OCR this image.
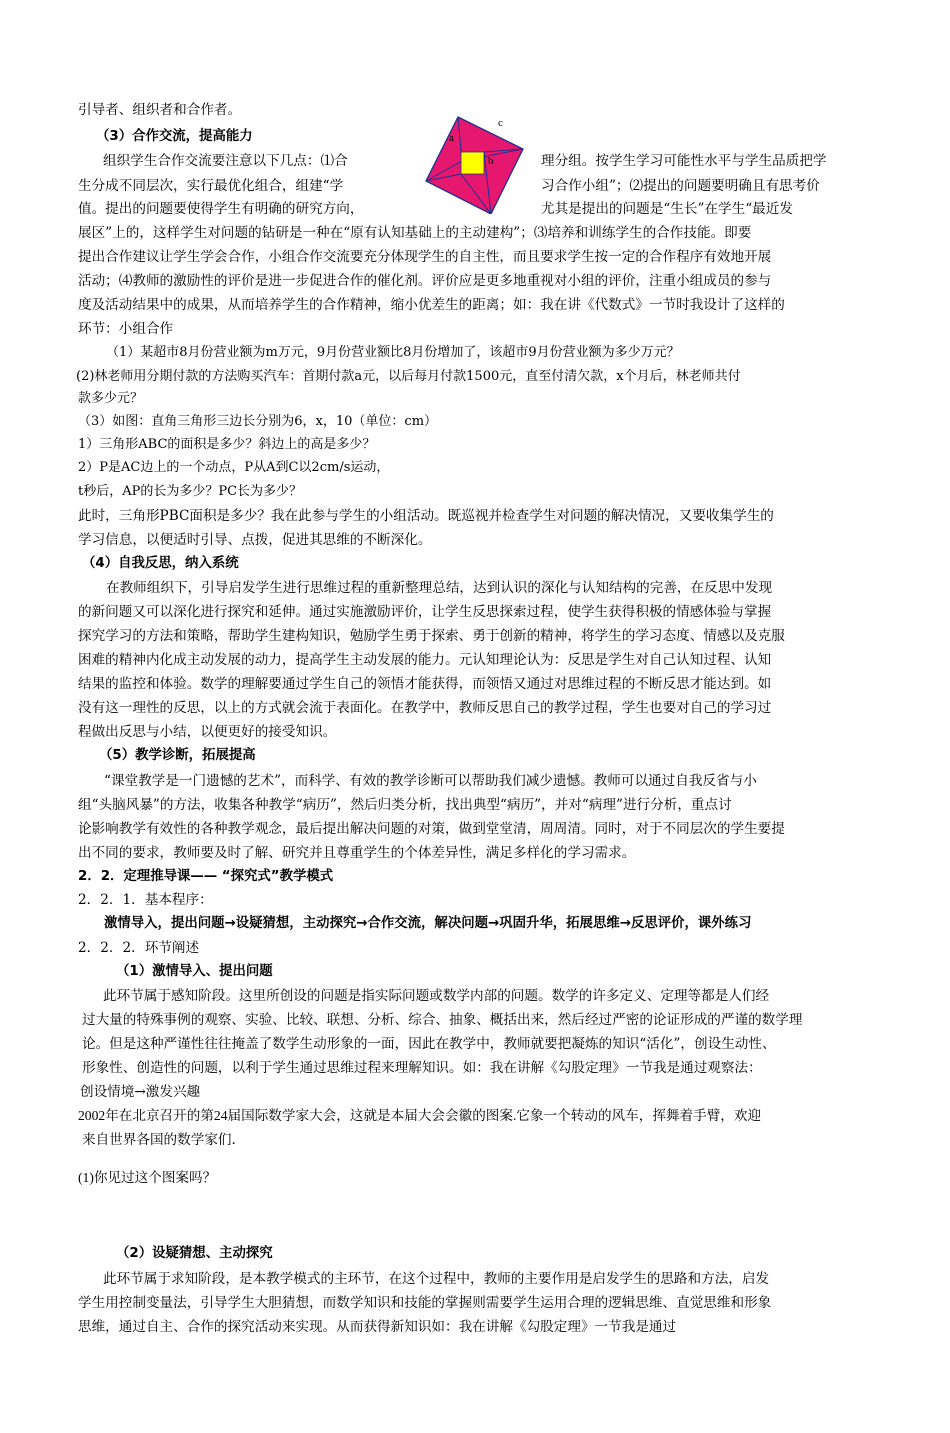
引导者、组织者和合作者。
（3）合作交流，提高能力
组织学生合作交流要注意以下几点：⑴合	理分组。按学生学习可能性水平与学生品质把学
生分成不同层次，实行最优化组合，组建“学	习合作小组”；⑵提出的问题要明确且有思考价
值。提出的问题要使得学生有明确的研究方向，	尤其是提出的问题是“生长”在学生“最近发
展区”上的，这样学生对问题的钻研是一种在“原有认知基础上的主动建构”；⑶培养和训练学生的合作技能。即要
提出合作建议让学生学会合作，小组合作交流要充分体现学生的自主性，而且要求学生按一定的合作程序有效地开展
活动；⑷教师的激励性的评价是进一步促进合作的催化剂。评价应是更多地重视对小组的评价，注重小组成员的参与
度及活动结果中的成果，从而培养学生的合作精神，缩小优差生的距离；如：我在讲《代数式》一节时我设计了这样的
环节：小组合作
（1）某超市8月份营业额为m万元，9月份营业额比8月份增加了，该超市9月份营业额为多少万元？
(2)林老师用分期付款的方法购买汽车：首期付款a元，以后每月付款1500元，直至付清欠款，x个月后，林老师共付
款多少元？
（3）如图：直角三角形三边长分别为6，x，10（单位：cm）
1）三角形ABC的面积是多少？斜边上的高是多少？
2）P是AC边上的一个动点，P从A到C以2cm/s运动，
t秒后，AP的长为多少？PC长为多少？
此时，三角形PBC面积是多少？我在此参与学生的小组活动。既巡视并检查学生对问题的解决情况，又要收集学生的
学习信息，以便适时引导、点拨，促进其思维的不断深化。
（4）自我反思，纳入系统
在教师组织下，引导启发学生进行思维过程的重新整理总结，达到认识的深化与认知结构的完善，在反思中发现
的新问题又可以深化进行探究和延伸。通过实施激励评价，让学生反思探索过程，使学生获得积极的情感体验与掌握
探究学习的方法和策略，帮助学生建构知识，勉励学生勇于探索、勇于创新的精神，将学生的学习态度、情感以及克服
困难的精神内化成主动发展的动力，提高学生主动发展的能力。元认知理论认为：反思是学生对自己认知过程、认知
结果的监控和体验。数学的理解要通过学生自己的领悟才能获得，而领悟又通过对思维过程的不断反思才能达到。如
没有这一理性的反思，以上的方式就会流于表面化。在教学中，教师反思自己的教学过程，学生也要对自己的学习过
程做出反思与小结，以便更好的接受知识。
（5）教学诊断，拓展提高
“课堂教学是一门遗憾的艺术”，而科学、有效的教学诊断可以帮助我们减少遗憾。教师可以通过自我反省与小
组“头脑风暴”的方法，收集各种教学“病历”，然后归类分析，找出典型“病历”，并对“病理”进行分析，重点讨
论影响教学有效性的各种教学观念，最后提出解决问题的对策，做到堂堂清，周周清。同时，对于不同层次的学生要提
出不同的要求，教师要及时了解、研究并且尊重学生的个体差异性，满足多样化的学习需求。
2．2．定理推导课—— “探究式”教学模式
2．2．1．基本程序：
激情导入，提出问题→设疑猜想，主动探究→合作交流，解决问题→巩固升华，拓展思维→反思评价，课外练习
2．2．2．环节阐述
（1）激情导入、提出问题
此环节属于感知阶段。这里所创设的问题是指实际问题或数学内部的问题。数学的许多定义、定理等都是人们经
过大量的特殊事例的观察、实验、比较、联想、分析、综合、抽象、概括出来，然后经过严密的论证形成的严谨的数学理
论。但是这种严谨性往往掩盖了数学生动形象的一面，因此在教学中，教师就要把凝炼的知识“活化”，创设生动性、
形象性、创造性的问题，以利于学生通过思维过程来理解知识。如：我在讲解《勾股定理》一节我是通过观察法：
创设情境→激发兴趣
2002年在北京召开的第24届国际数学家大会，这就是本届大会会徽的图案.它象一个转动的风车，挥舞着手臂，欢迎
来自世界各国的数学家们.
(1)你见过这个图案吗？
（2）设疑猜想、主动探究
此环节属于求知阶段，是本教学模式的主环节，在这个过程中，教师的主要作用是启发学生的思路和方法，启发
学生用控制变量法，引导学生大胆猜想，而数学知识和技能的掌握则需要学生运用合理的逻辑思维、直觉思维和形象
思维，通过自主、合作的探究活动来实现。从而获得新知识如：我在讲解《勾股定理》一节我是通过
a
b
c
